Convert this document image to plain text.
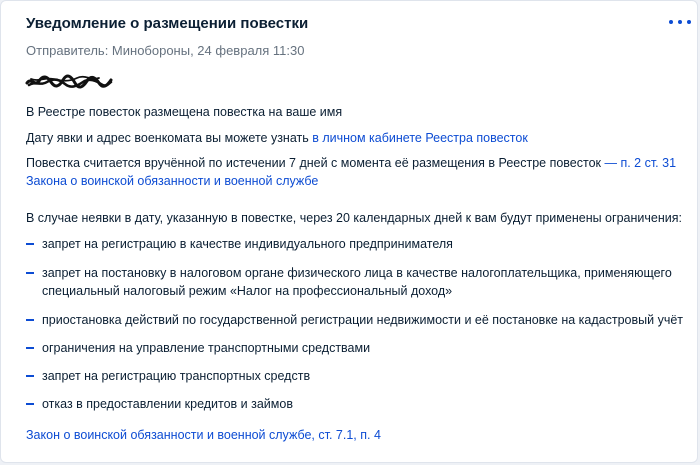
Уведомление о размещении повестки
Отправитель: Минобороны, 24 февраля 11:30
В Реестре повесток размещена повестка на ваше имя
Дату явки и адрес военкомата вы можете узнать в личном кабинете Реестра повесток
Повестка считается вручённой по истечении 7 дней с момента её размещения в Реестре повесток — п. 2 ст. 31
Закона о воинской обязанности и военной службе
В случае неявки в дату, указанную в повестке, через 20 календарных дней к вам будут применены ограничения:
запрет на регистрацию в качестве индивидуального предпринимателя
запрет на постановку в налоговом органе физического лица в качестве налогоплательщика, применяющего
специальный налоговый режим «Налог на профессиональный доход»
приостановка действий по государственной регистрации недвижимости и её постановке на кадастровый учёт
ограничения на управление транспортными средствами
запрет на регистрацию транспортных средств
отказ в предоставлении кредитов и займов
Закон о воинской обязанности и военной службе, ст. 7.1, п. 4
